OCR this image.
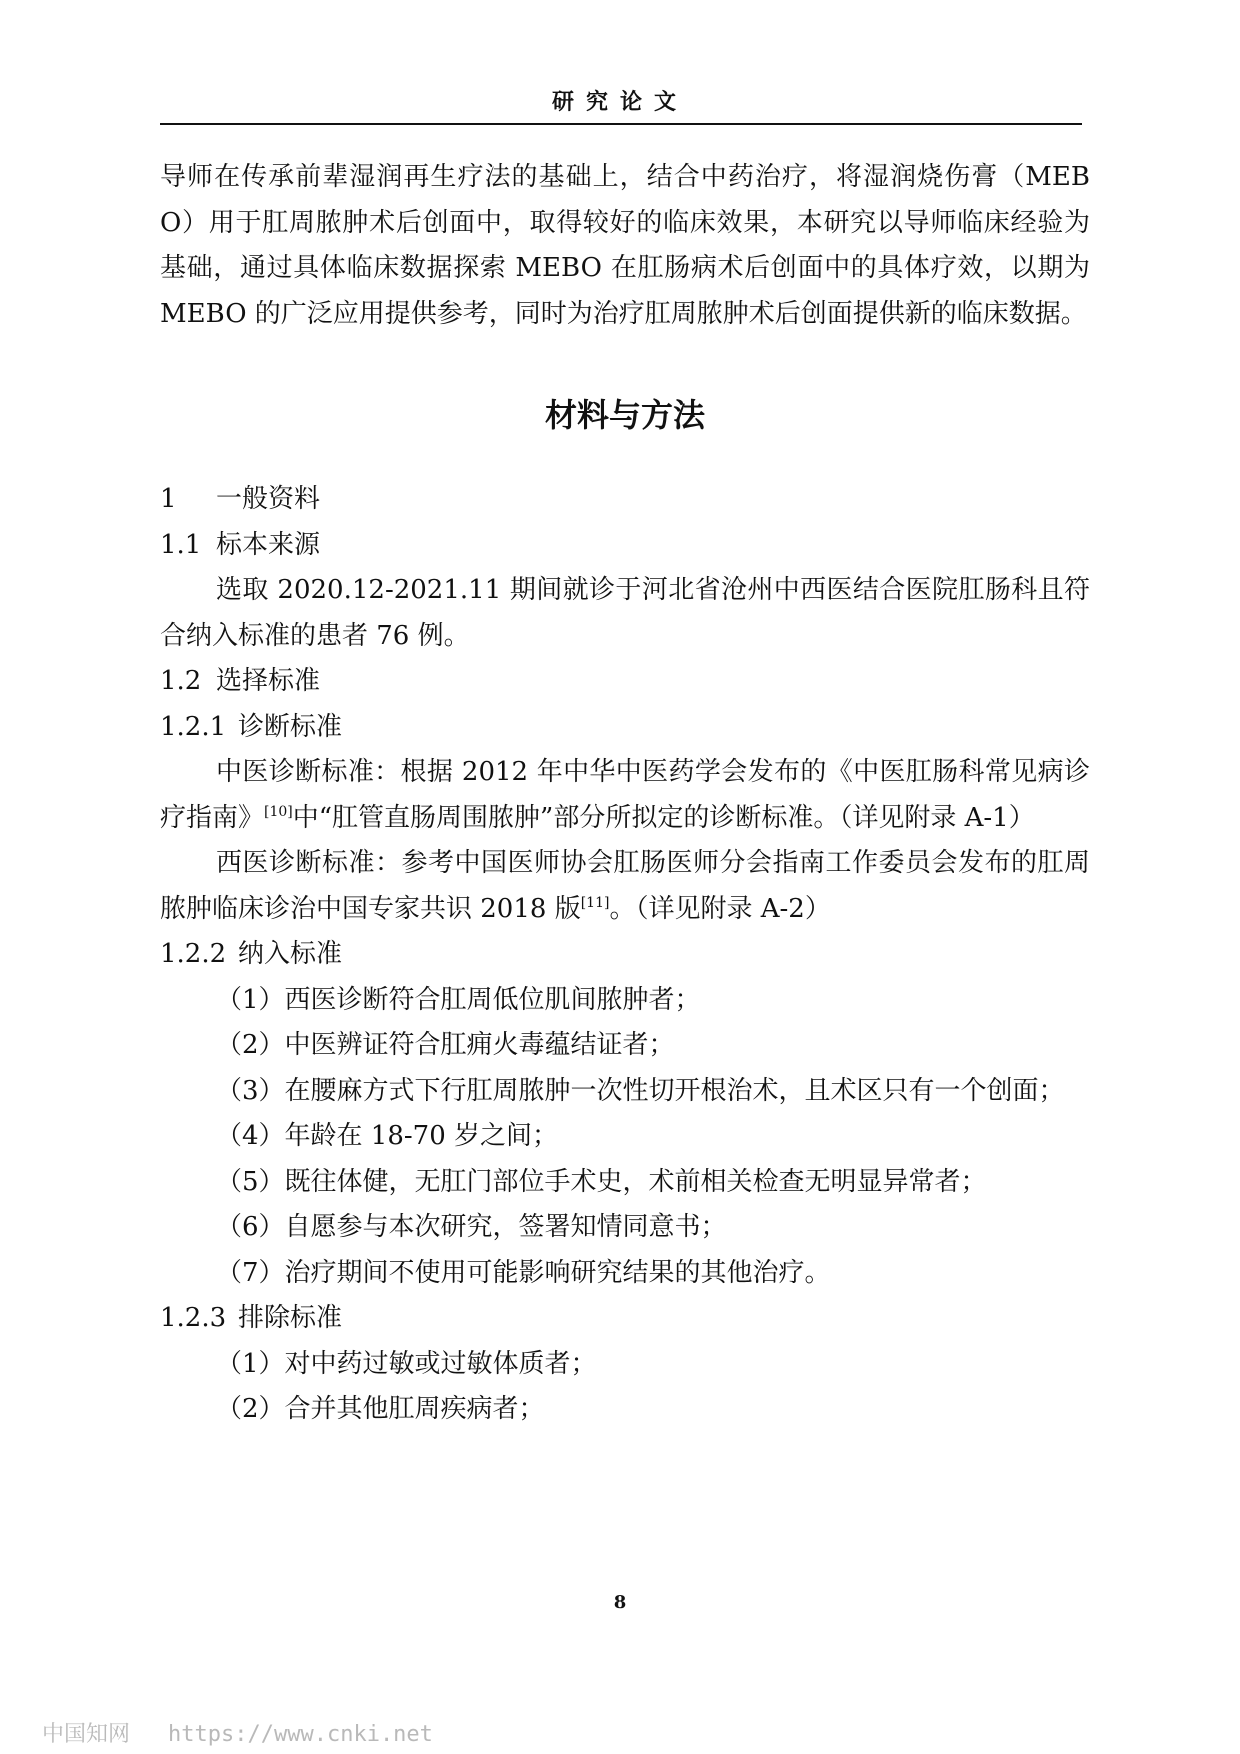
研究论文

导师在传承前辈湿润再生疗法的基础上，结合中药治疗，将湿润烧伤膏（MEBO）用于肛周脓肿术后创面中，取得较好的临床效果，本研究以导师临床经验为基础，通过具体临床数据探索 MEBO 在肛肠病术后创面中的具体疗效，以期为 MEBO 的广泛应用提供参考，同时为治疗肛周脓肿术后创面提供新的临床数据。

材料与方法

1 一般资料

1.1 标本来源

选取 2020.12-2021.11 期间就诊于河北省沧州中西医结合医院肛肠科且符合纳入标准的患者 76 例。

1.2 选择标准

1.2.1 诊断标准

中医诊断标准：根据 2012 年中华中医药学会发布的《中医肛肠科常见病诊疗指南》[10]中“肛管直肠周围脓肿”部分所拟定的诊断标准。（详见附录 A-1）

西医诊断标准：参考中国医师协会肛肠医师分会指南工作委员会发布的肛周脓肿临床诊治中国专家共识 2018 版[11]。（详见附录 A-2）

1.2.2 纳入标准

（1）西医诊断符合肛周低位肌间脓肿者；

（2）中医辨证符合肛痈火毒蕴结证者；

（3）在腰麻方式下行肛周脓肿一次性切开根治术，且术区只有一个创面；

（4）年龄在 18-70 岁之间；

（5）既往体健，无肛门部位手术史，术前相关检查无明显异常者；

（6）自愿参与本次研究，签署知情同意书；

（7）治疗期间不使用可能影响研究结果的其他治疗。

1.2.3 排除标准

（1）对中药过敏或过敏体质者；

（2）合并其他肛周疾病者；

8
中国知网 https://www.cnki.net
